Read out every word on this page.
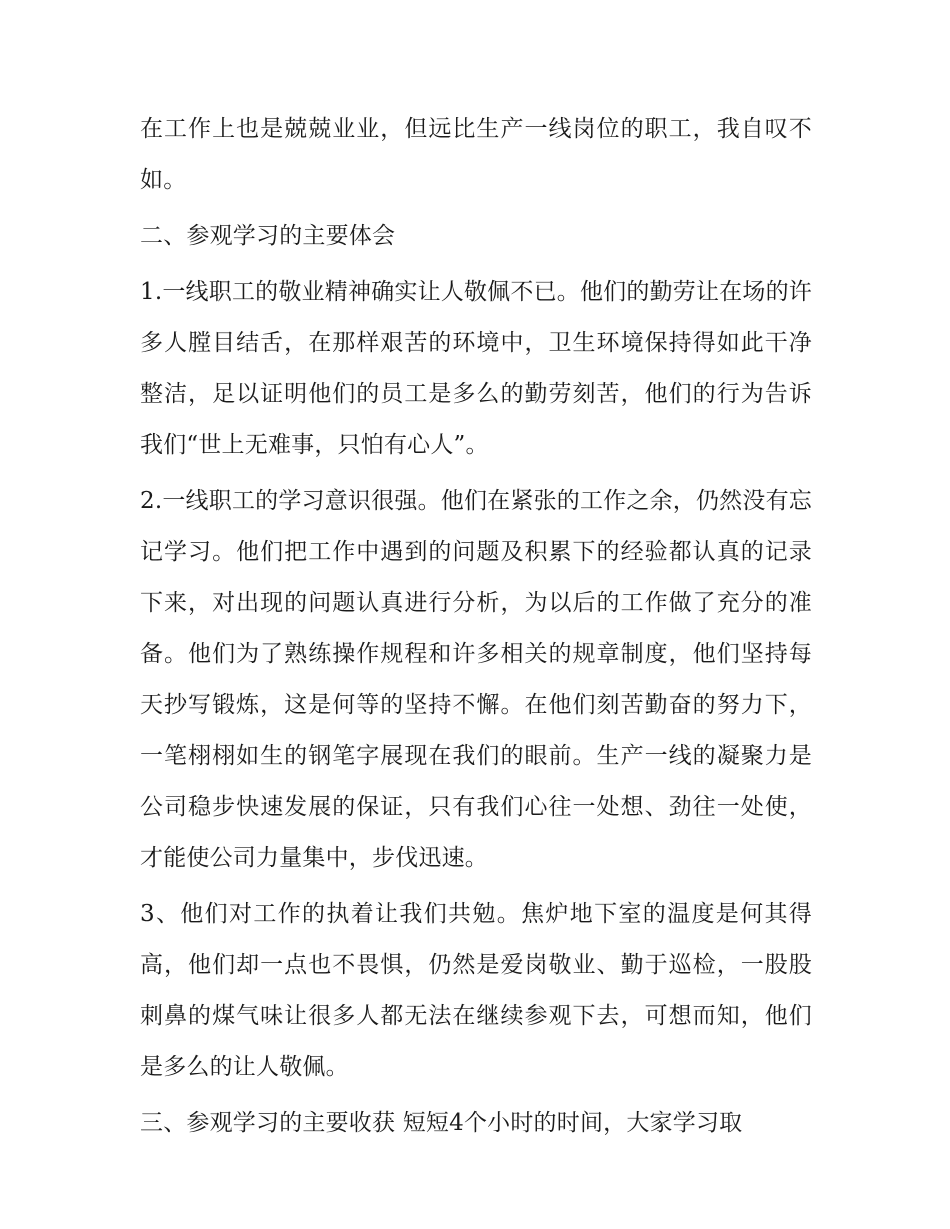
在工作上也是兢兢业业，但远比生产一线岗位的职工，我自叹不如。

二、参观学习的主要体会

1.一线职工的敬业精神确实让人敬佩不已。他们的勤劳让在场的许多人膛目结舌，在那样艰苦的环境中，卫生环境保持得如此干净整洁，足以证明他们的员工是多么的勤劳刻苦，他们的行为告诉我们“世上无难事，只怕有心人”。

2.一线职工的学习意识很强。他们在紧张的工作之余，仍然没有忘记学习。他们把工作中遇到的问题及积累下的经验都认真的记录下来，对出现的问题认真进行分析，为以后的工作做了充分的准备。他们为了熟练操作规程和许多相关的规章制度，他们坚持每天抄写锻炼，这是何等的坚持不懈。在他们刻苦勤奋的努力下，一笔栩栩如生的钢笔字展现在我们的眼前。生产一线的凝聚力是公司稳步快速发展的保证，只有我们心往一处想、劲往一处使，才能使公司力量集中，步伐迅速。

3、他们对工作的执着让我们共勉。焦炉地下室的温度是何其得高，他们却一点也不畏惧，仍然是爱岗敬业、勤于巡检，一股股刺鼻的煤气味让很多人都无法在继续参观下去，可想而知，他们是多么的让人敬佩。

三、参观学习的主要收获 短短4个小时的时间，大家学习取
